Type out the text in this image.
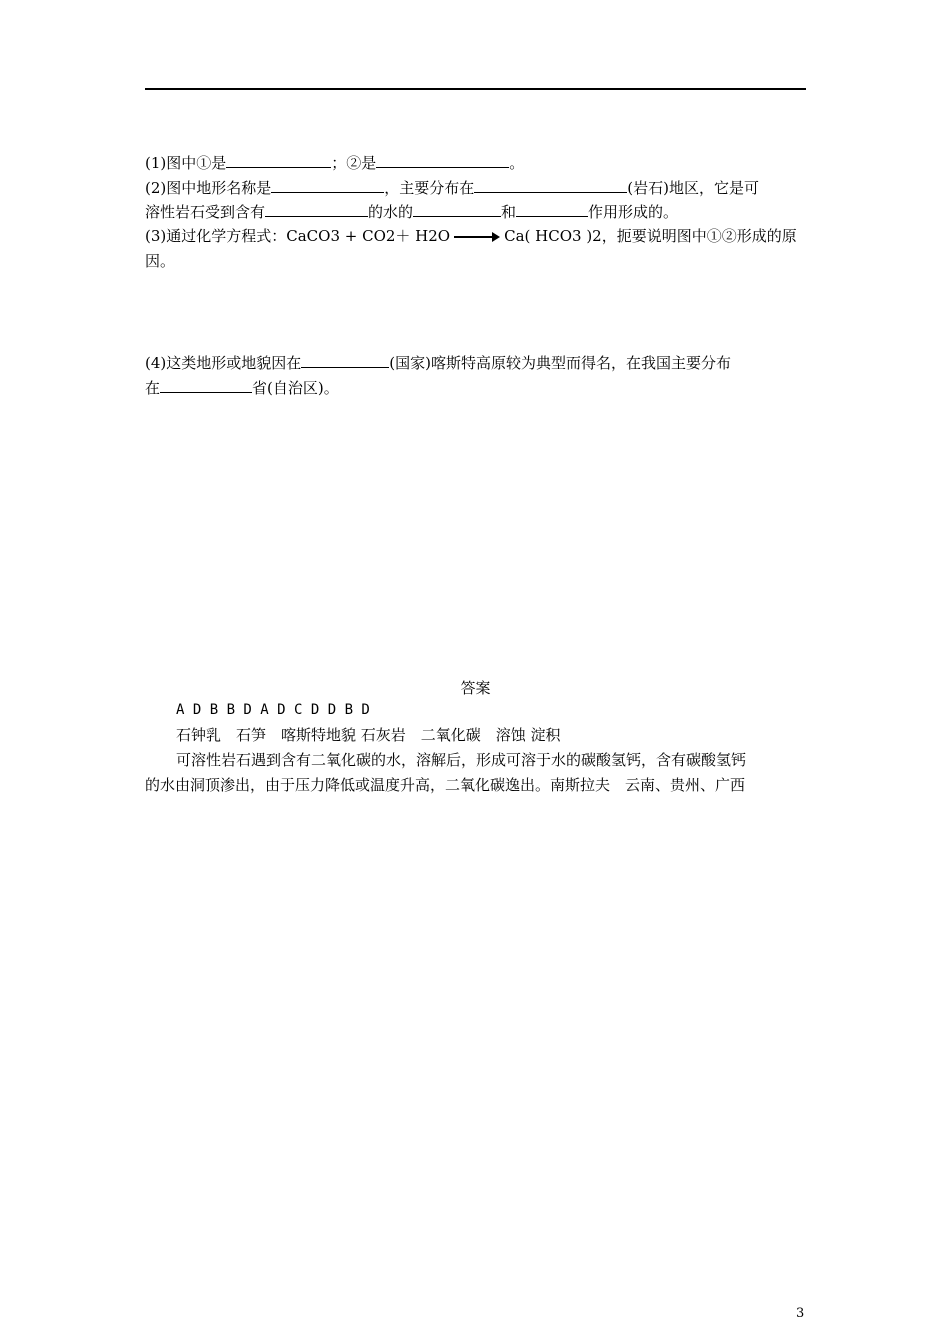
(1)图中①是	；②是	。
(2)图中地形名称是	，主要分布在	(岩石)地区，它是可
溶性岩石受到含有	的水的	和	作用形成的。
(3)通过化学方程式：CaCO3 + CO2＋ H2O	Ca( HCO3 )2，扼要说明图中①②形成的原
因。
(4)这类地形或地貌因在	(国家)喀斯特高原较为典型而得名，在我国主要分布
在	省(自治区)。
答案
A D B B D A D C D D B D
石钟乳　石笋　喀斯特地貌 石灰岩　二氧化碳　溶蚀 淀积
可溶性岩石遇到含有二氧化碳的水，溶解后，形成可溶于水的碳酸氢钙，含有碳酸氢钙
的水由洞顶渗出，由于压力降低或温度升高，二氧化碳逸出。南斯拉夫　云南、贵州、广西
3
